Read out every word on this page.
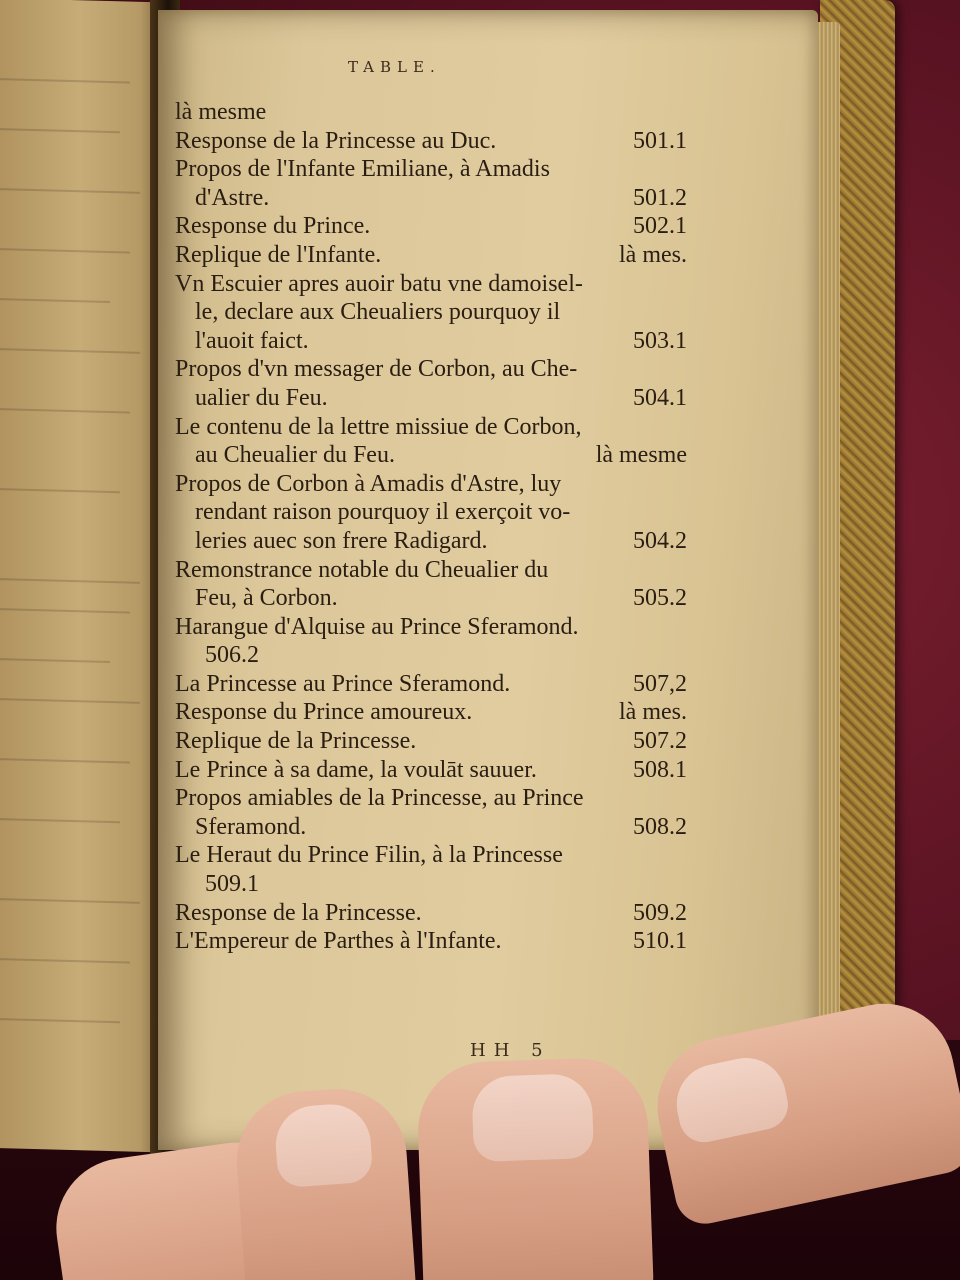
TABLE.
là mesme
Response de la Princesse au Duc.	501.1
Propos de l'Infante Emiliane, à Amadis
d'Astre.	501.2
Response du Prince.	502.1
Replique de l'Infante.	là mes.
Vn Escuier apres auoir batu vne damoisel-
le, declare aux Cheualiers pourquoy il
l'auoit faict.	503.1
Propos d'vn messager de Corbon, au Che-
ualier du Feu.	504.1
Le contenu de la lettre missiue de Corbon,
au Cheualier du Feu.	là mesme
Propos de Corbon à Amadis d'Astre, luy
rendant raison pourquoy il exerçoit vo-
leries auec son frere Radigard.	504.2
Remonstrance notable du Cheualier du
Feu, à Corbon.	505.2
Harangue d'Alquise au Prince Sferamond.
506.2
La Princesse au Prince Sferamond.	507,2
Response du Prince amoureux.	là mes.
Replique de la Princesse.	507.2
Le Prince à sa dame, la voulāt sauuer.	508.1
Propos amiables de la Princesse, au Prince
Sferamond.	508.2
Le Heraut du Prince Filin, à la Princesse
509.1
Response de la Princesse.	509.2
L'Empereur de Parthes à l'Infante.	510.1
HH 5
